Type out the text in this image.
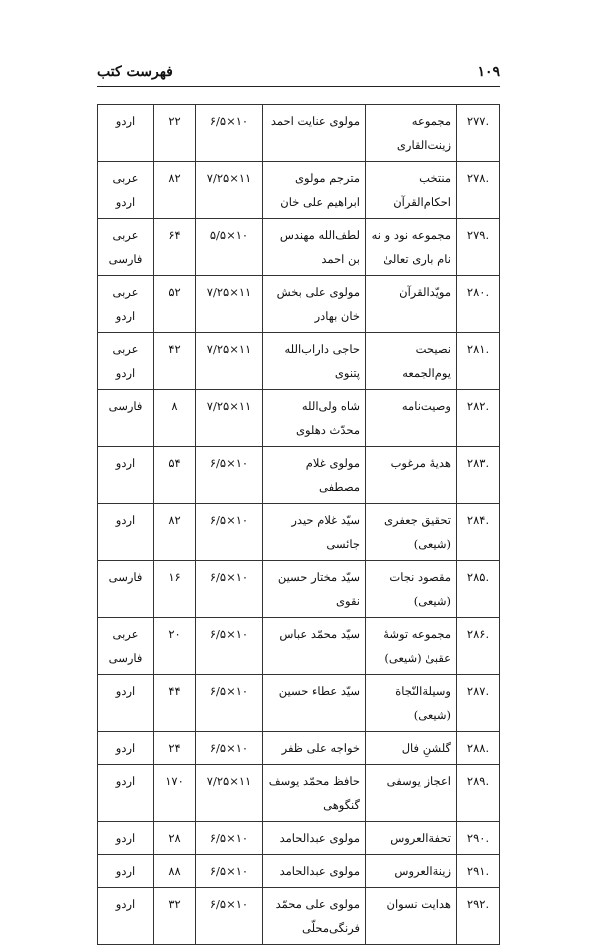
۱۰۹
فهرست کتب
.۲۷۷	مجموعه زینت‌القاری	مولوی عنایت احمد	۱۰×۶/۵	۲۲	اردو

.۲۷۸	منتخب احکام‌القرآن	مترجم مولوی ابراهیم علی خان	۱۱×۷/۲۵	۸۲	عربی
اردو

.۲۷۹	مجموعه نود و نه نام باری تعالیٰ	لطف‌الله مهندس بن احمد	۱۰×۵/۵	۶۴	عربی
فارسی

.۲۸۰	مویّدالقرآن	مولوی علی بخش خان بهادر	۱۱×۷/۲۵	۵۲	عربی
اردو

.۲۸۱	نصیحت یوم‌الجمعه	حاجی داراب‌الله پتنوی	۱۱×۷/۲۵	۴۲	عربی
اردو

.۲۸۲	وصیت‌نامه	شاه ولی‌الله محدّث دهلوی	۱۱×۷/۲۵	۸	فارسی

.۲۸۳	هدیهٔ مرغوب	مولوی غلام مصطفی	۱۰×۶/۵	۵۴	اردو

.۲۸۴	تحقیق جعفری (شیعی)	سیّد غلام حیدر جائسی	۱۰×۶/۵	۸۲	اردو

.۲۸۵	مقصود نجات (شیعی)	سیّد مختار حسین نقوی	۱۰×۶/۵	۱۶	فارسی

.۲۸۶	مجموعه توشهٔ عقبیٰ (شیعی)	سیّد محمّد عباس	۱۰×۶/۵	۲۰	عربی
فارسی

.۲۸۷	وسیلة‌النّجاة (شیعی)	سیّد عطاء حسین	۱۰×۶/۵	۴۴	اردو

.۲۸۸	گلشنِ فال	خواجه علی ظفر	۱۰×۶/۵	۲۴	اردو

.۲۸۹	اعجاز یوسفی	حافظ محمّد یوسف گنگوهی	۱۱×۷/۲۵	۱۷۰	اردو

.۲۹۰	تحفة‌العروس	مولوی عبدالحامد	۱۰×۶/۵	۲۸	اردو

.۲۹۱	زینة‌العروس	مولوی عبدالحامد	۱۰×۶/۵	۸۸	اردو

.۲۹۲	هدایت نسوان	مولوی علی محمّد فرنگی‌محلّی	۱۰×۶/۵	۳۲	اردو
